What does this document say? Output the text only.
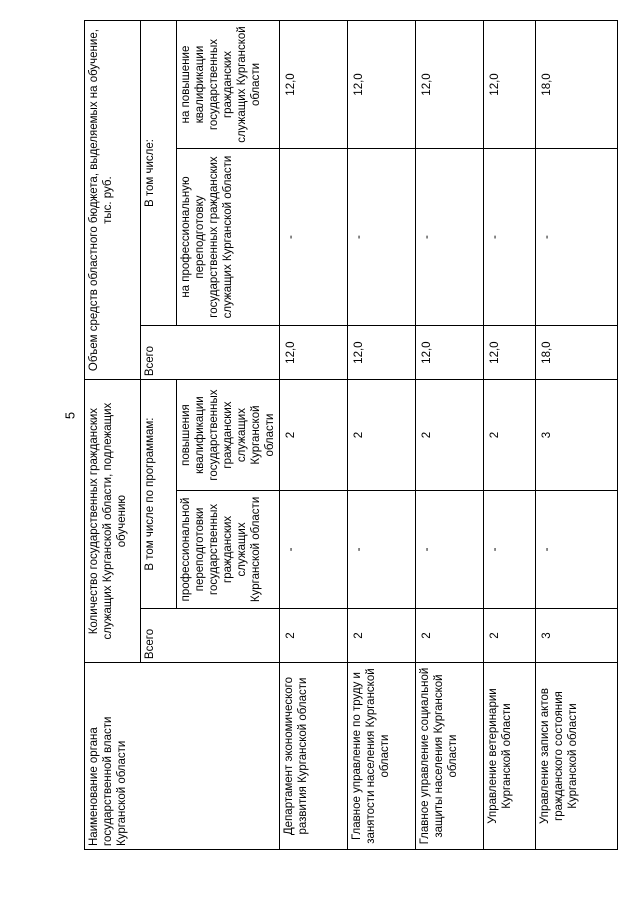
5
Наименование органа государственной власти Курганской области	Количество государственных гражданских служащих Курганской области, подлежащих обучению			Объем средств областного бюджета, выделяемых на обучение, тыс. руб.		
	Всего	В том числе по программам:		Всего	В том числе:	
		профессиональной переподготовки государственных гражданских служащих Курганской области	повышения квалификации государственных гражданских служащих Курганской области		на профессиональную переподготовку государственных гражданских служащих Курганской области	на повышение квалификации государственных гражданских служащих Курганской области
Департамент экономического развития Курганской области	2	-	2	12,0	-	12,0
Главное управление по труду и занятости населения Курганской области	2	-	2	12,0	-	12,0
Главное управление социальной защиты населения Курганской области	2	-	2	12,0	-	12,0
Управление ветеринарии Курганской области	2	-	2	12,0	-	12,0
Управление записи актов гражданского состояния Курганской области	3	-	3	18,0	-	18,0
